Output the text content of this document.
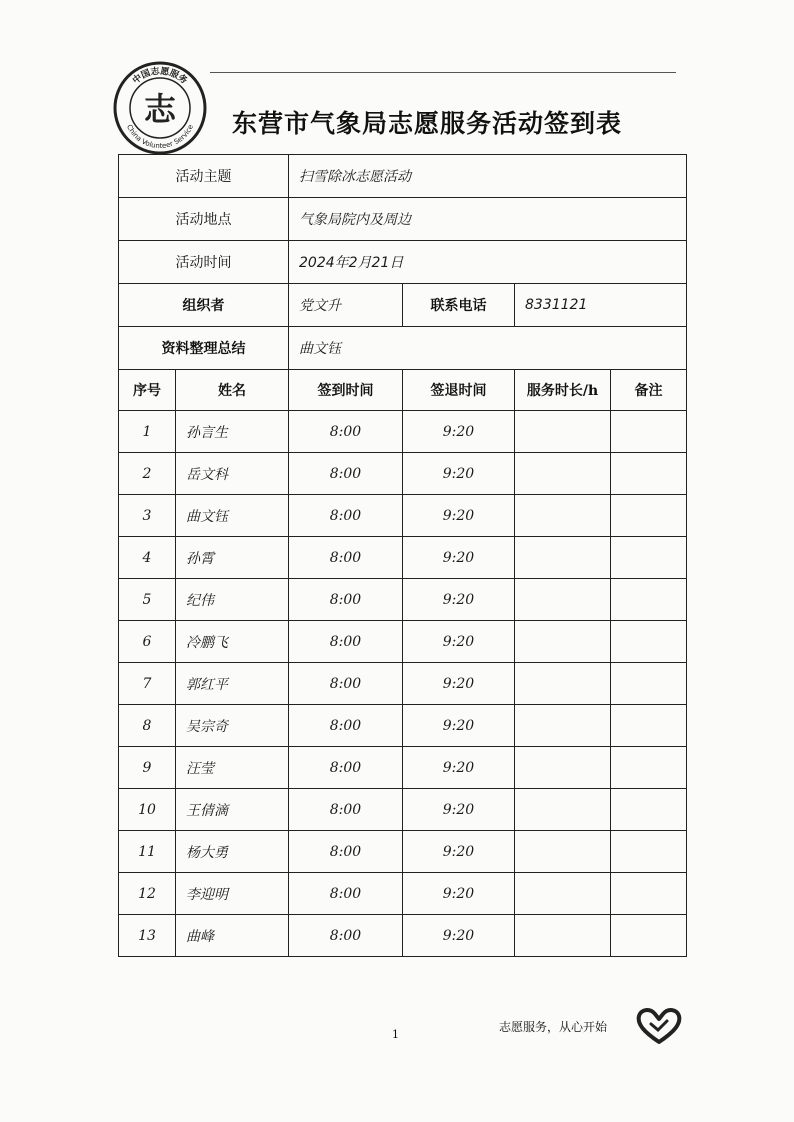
中国志愿服务
China Volunteer Service
志 东营市气象局志愿服务活动签到表
活动主题		扫雪除冰志愿活动			
活动地点		气象局院内及周边			
活动时间		2024年2月21日			
组织者		党文升	联系电话	8331121	
资料整理总结		曲文钰			
序号	姓名	签到时间	签退时间	服务时长/h	备注
1	孙言生	8:00	9:20		
2	岳文科	8:00	9:20		
3	曲文钰	8:00	9:20		
4	孙霄	8:00	9:20		
5	纪伟	8:00	9:20		
6	冷鹏飞	8:00	9:20		
7	郭红平	8:00	9:20		
8	吴宗奇	8:00	9:20		
9	汪莹	8:00	9:20		
10	王倩滴	8:00	9:20		
11	杨大勇	8:00	9:20		
12	李迎明	8:00	9:20		
13	曲峰	8:00	9:20		
1
志愿服务，从心开始
